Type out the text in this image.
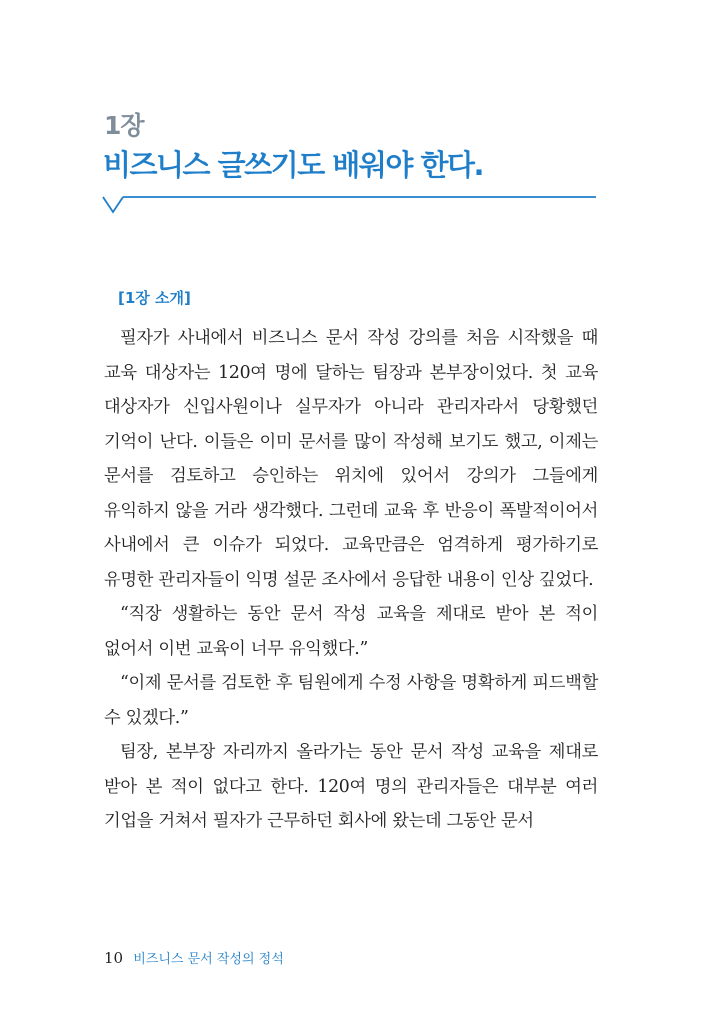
1장
비즈니스 글쓰기도 배워야 한다.
[1장 소개]

필자가 사내에서 비즈니스 문서 작성 강의를 처음 시작했을 때 교육 대상자는 120여 명에 달하는 팀장과 본부장이었다. 첫 교육 대상자가 신입사원이나 실무자가 아니라 관리자라서 당황했던 기억이 난다. 이들은 이미 문서를 많이 작성해 보기도 했고, 이제는 문서를 검토하고 승인하는 위치에 있어서 강의가 그들에게 유익하지 않을 거라 생각했다. 그런데 교육 후 반응이 폭발적이어서 사내에서 큰 이슈가 되었다. 교육만큼은 엄격하게 평가하기로 유명한 관리자들이 익명 설문 조사에서 응답한 내용이 인상 깊었다.

“직장 생활하는 동안 문서 작성 교육을 제대로 받아 본 적이 없어서 이번 교육이 너무 유익했다.”

“이제 문서를 검토한 후 팀원에게 수정 사항을 명확하게 피드백할 수 있겠다.”

팀장, 본부장 자리까지 올라가는 동안 문서 작성 교육을 제대로 받아 본 적이 없다고 한다. 120여 명의 관리자들은 대부분 여러 기업을 거쳐서 필자가 근무하던 회사에 왔는데 그동안 문서

10 비즈니스 문서 작성의 정석
